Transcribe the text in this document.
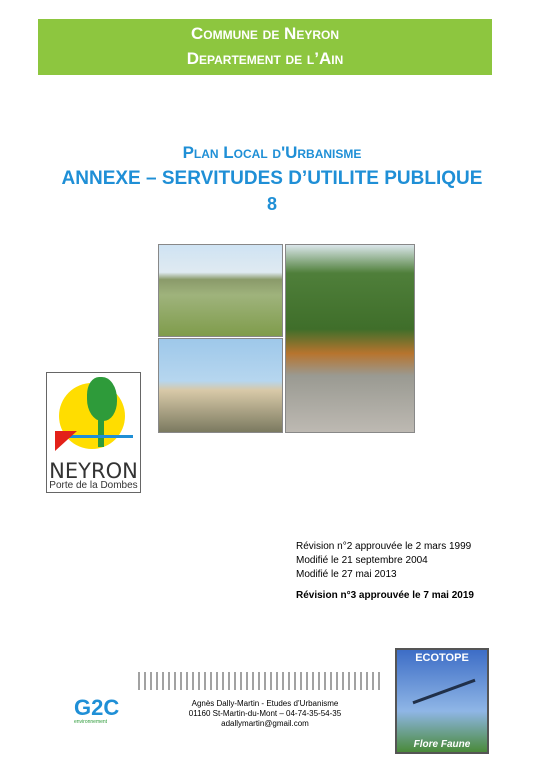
Commune de Neyron
Departement de l’Ain
Plan Local d'Urbanisme
ANNEXE – SERVITUDES D’UTILITE PUBLIQUE
8
NEYRON
Porte de la Dombes
Révision n°2 approuvée le 2 mars 1999
Modifié le 21 septembre 2004
Modifié le 27 mai 2013
Révision n°3 approuvée le 7 mai 2019
G2C
environnement
Agnès Dally-Martin - Etudes d’Urbanisme
01160 St-Martin-du-Mont – 04-74-35-54-35
adallymartin@gmail.com
ECOTOPE
Flore Faune
